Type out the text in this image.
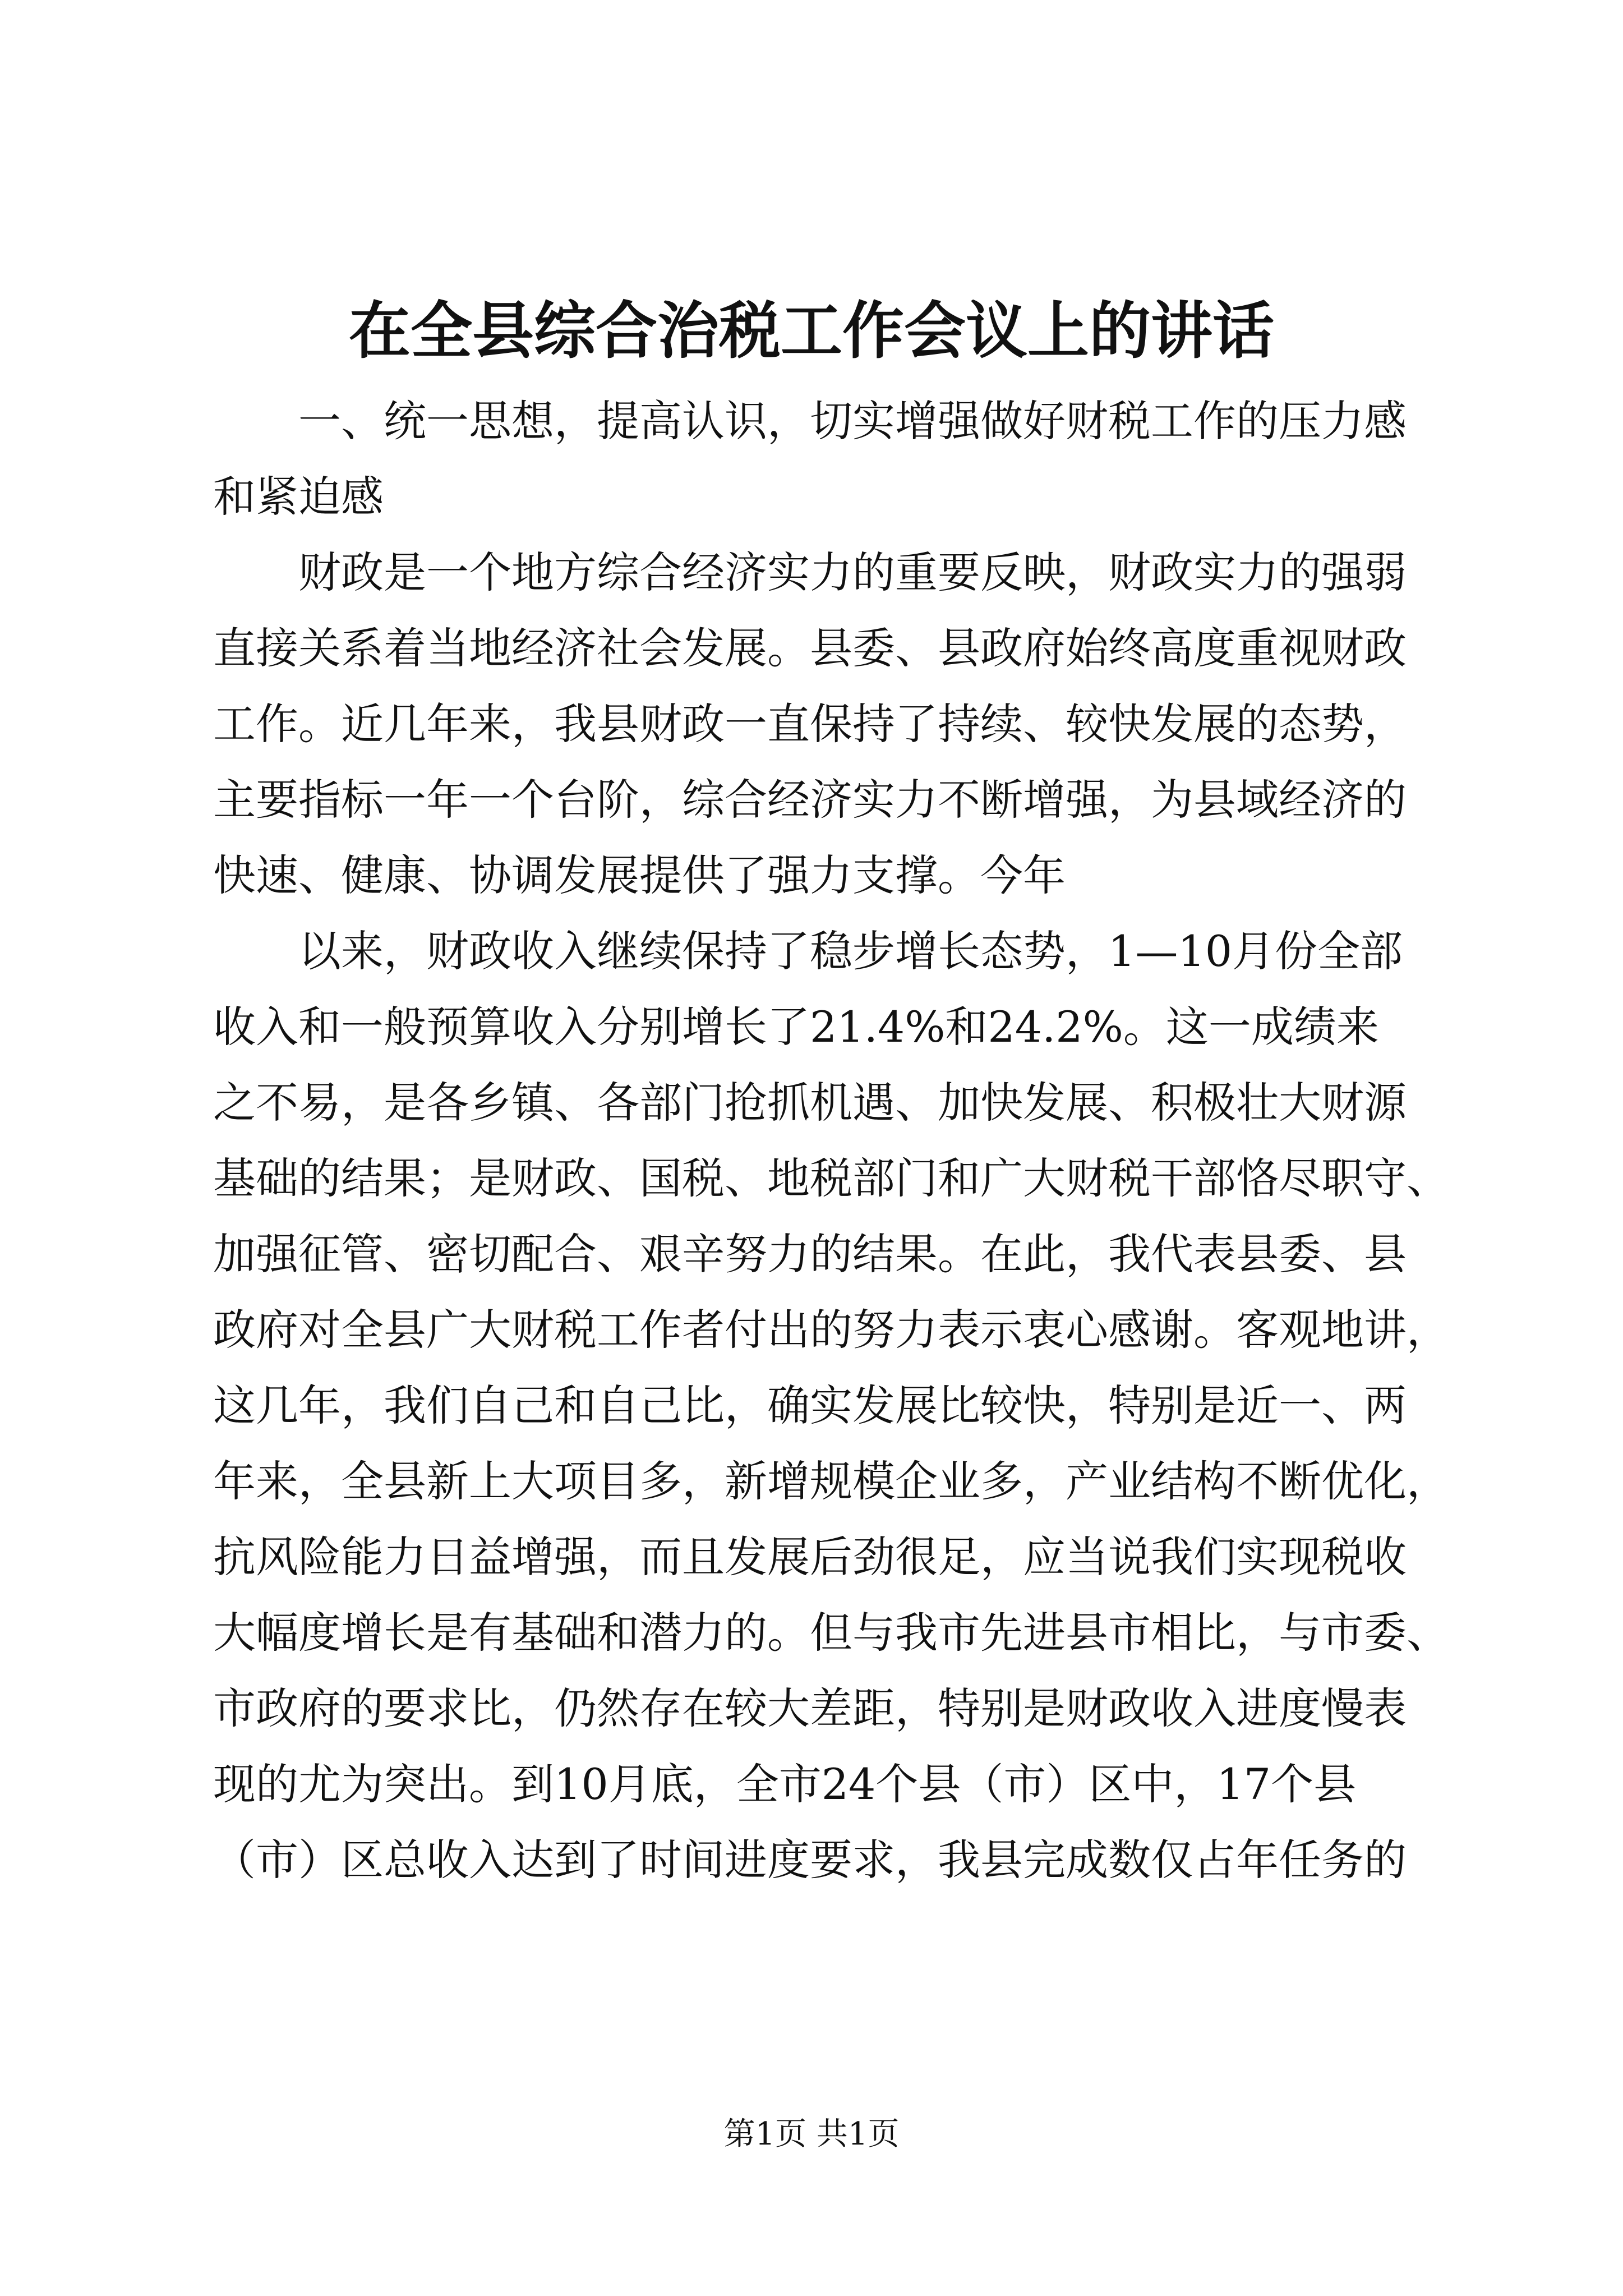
在全县综合治税工作会议上的讲话
　　一、统一思想，提高认识，切实增强做好财税工作的压力感
和紧迫感
　　财政是一个地方综合经济实力的重要反映，财政实力的强弱
直接关系着当地经济社会发展。县委、县政府始终高度重视财政
工作。近几年来，我县财政一直保持了持续、较快发展的态势，
主要指标一年一个台阶，综合经济实力不断增强，为县域经济的
快速、健康、协调发展提供了强力支撑。今年
　　以来，财政收入继续保持了稳步增长态势，1—10月份全部
收入和一般预算收入分别增长了21.4%和24.2%。这一成绩来
之不易，是各乡镇、各部门抢抓机遇、加快发展、积极壮大财源
基础的结果；是财政、国税、地税部门和广大财税干部恪尽职守、
加强征管、密切配合、艰辛努力的结果。在此，我代表县委、县
政府对全县广大财税工作者付出的努力表示衷心感谢。客观地讲，
这几年，我们自己和自己比，确实发展比较快，特别是近一、两
年来，全县新上大项目多，新增规模企业多，产业结构不断优化，
抗风险能力日益增强，而且发展后劲很足，应当说我们实现税收
大幅度增长是有基础和潜力的。但与我市先进县市相比，与市委、
市政府的要求比，仍然存在较大差距，特别是财政收入进度慢表
现的尤为突出。到10月底，全市24个县（市）区中，17个县
（市）区总收入达到了时间进度要求，我县完成数仅占年任务的
第1页 共1页
